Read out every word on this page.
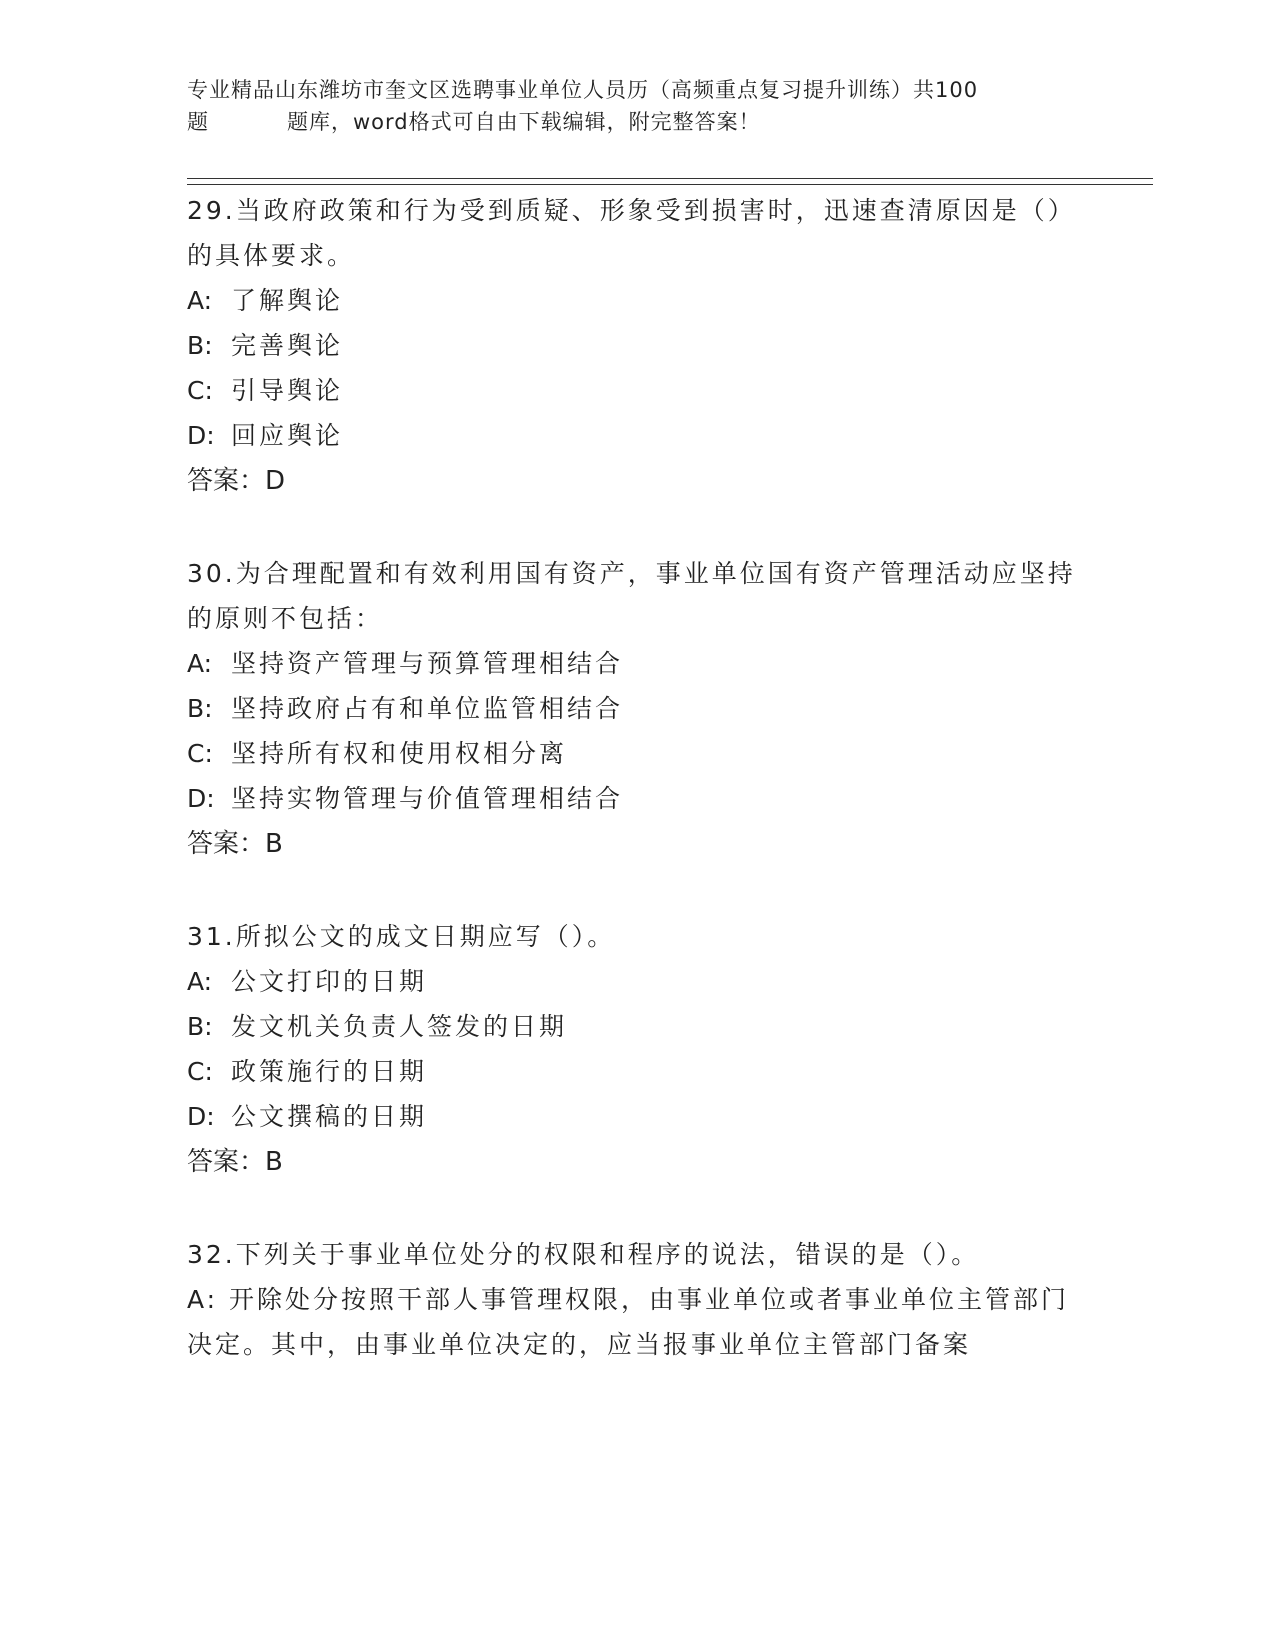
专业精品山东潍坊市奎文区选聘事业单位人员历（高频重点复习提升训练）共100
题	题库，word格式可自由下载编辑，附完整答案！

29.当政府政策和行为受到质疑、形象受到损害时，迅速查清原因是（）的具体要求。

A: 了解舆论

B: 完善舆论

C: 引导舆论

D: 回应舆论

答案：D

30.为合理配置和有效利用国有资产，事业单位国有资产管理活动应坚持的原则不包括：

A: 坚持资产管理与预算管理相结合

B: 坚持政府占有和单位监管相结合

C: 坚持所有权和使用权相分离

D: 坚持实物管理与价值管理相结合

答案：B

31.所拟公文的成文日期应写（）。

A: 公文打印的日期

B: 发文机关负责人签发的日期

C: 政策施行的日期

D: 公文撰稿的日期

答案：B

32.下列关于事业单位处分的权限和程序的说法，错误的是（）。

A: 开除处分按照干部人事管理权限，由事业单位或者事业单位主管部门决定。其中，由事业单位决定的，应当报事业单位主管部门备案
